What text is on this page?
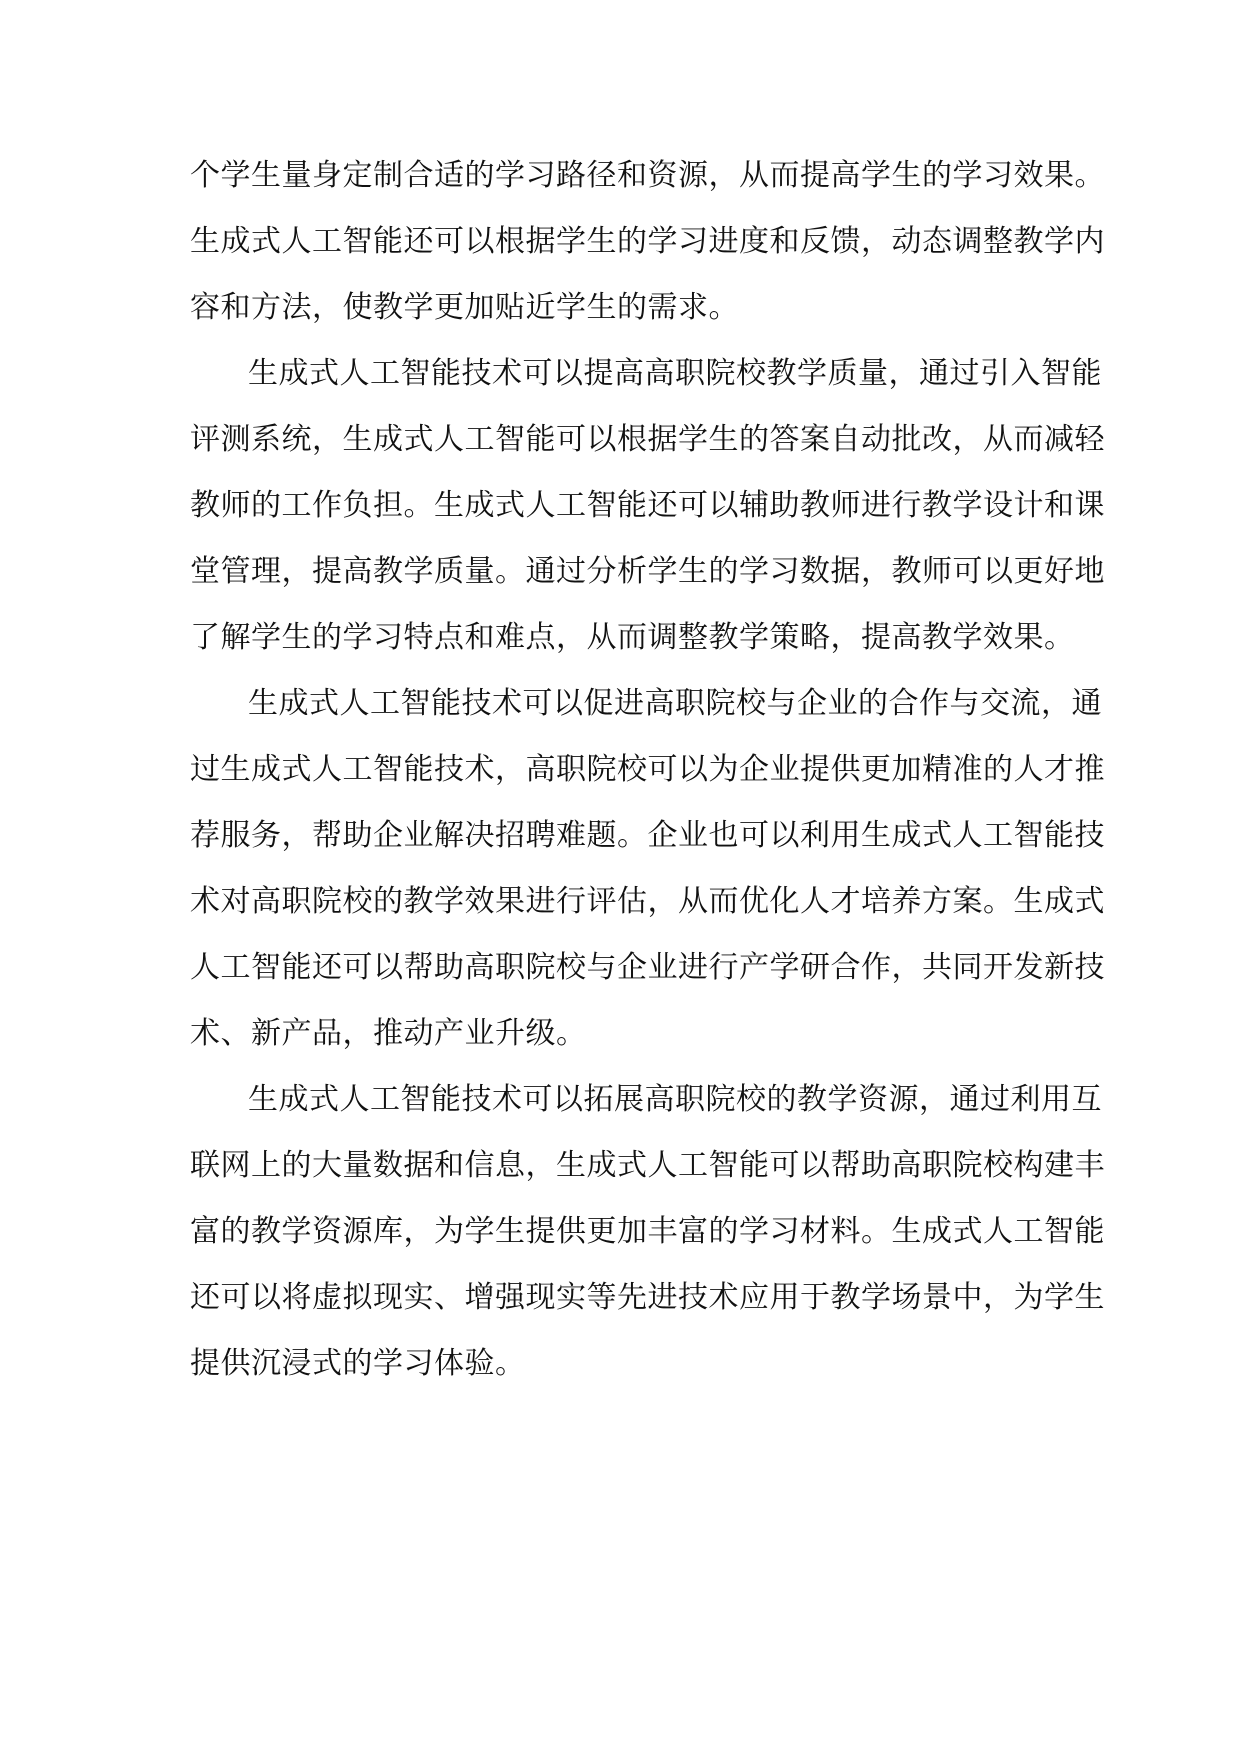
个学生量身定制合适的学习路径和资源，从而提高学生的学习效果。
生成式人工智能还可以根据学生的学习进度和反馈，动态调整教学内
容和方法，使教学更加贴近学生的需求。
生成式人工智能技术可以提高高职院校教学质量，通过引入智能
评测系统，生成式人工智能可以根据学生的答案自动批改，从而减轻
教师的工作负担。生成式人工智能还可以辅助教师进行教学设计和课
堂管理，提高教学质量。通过分析学生的学习数据，教师可以更好地
了解学生的学习特点和难点，从而调整教学策略，提高教学效果。
生成式人工智能技术可以促进高职院校与企业的合作与交流，通
过生成式人工智能技术，高职院校可以为企业提供更加精准的人才推
荐服务，帮助企业解决招聘难题。企业也可以利用生成式人工智能技
术对高职院校的教学效果进行评估，从而优化人才培养方案。生成式
人工智能还可以帮助高职院校与企业进行产学研合作，共同开发新技
术、新产品，推动产业升级。
生成式人工智能技术可以拓展高职院校的教学资源，通过利用互
联网上的大量数据和信息，生成式人工智能可以帮助高职院校构建丰
富的教学资源库，为学生提供更加丰富的学习材料。生成式人工智能
还可以将虚拟现实、增强现实等先进技术应用于教学场景中，为学生
提供沉浸式的学习体验。
